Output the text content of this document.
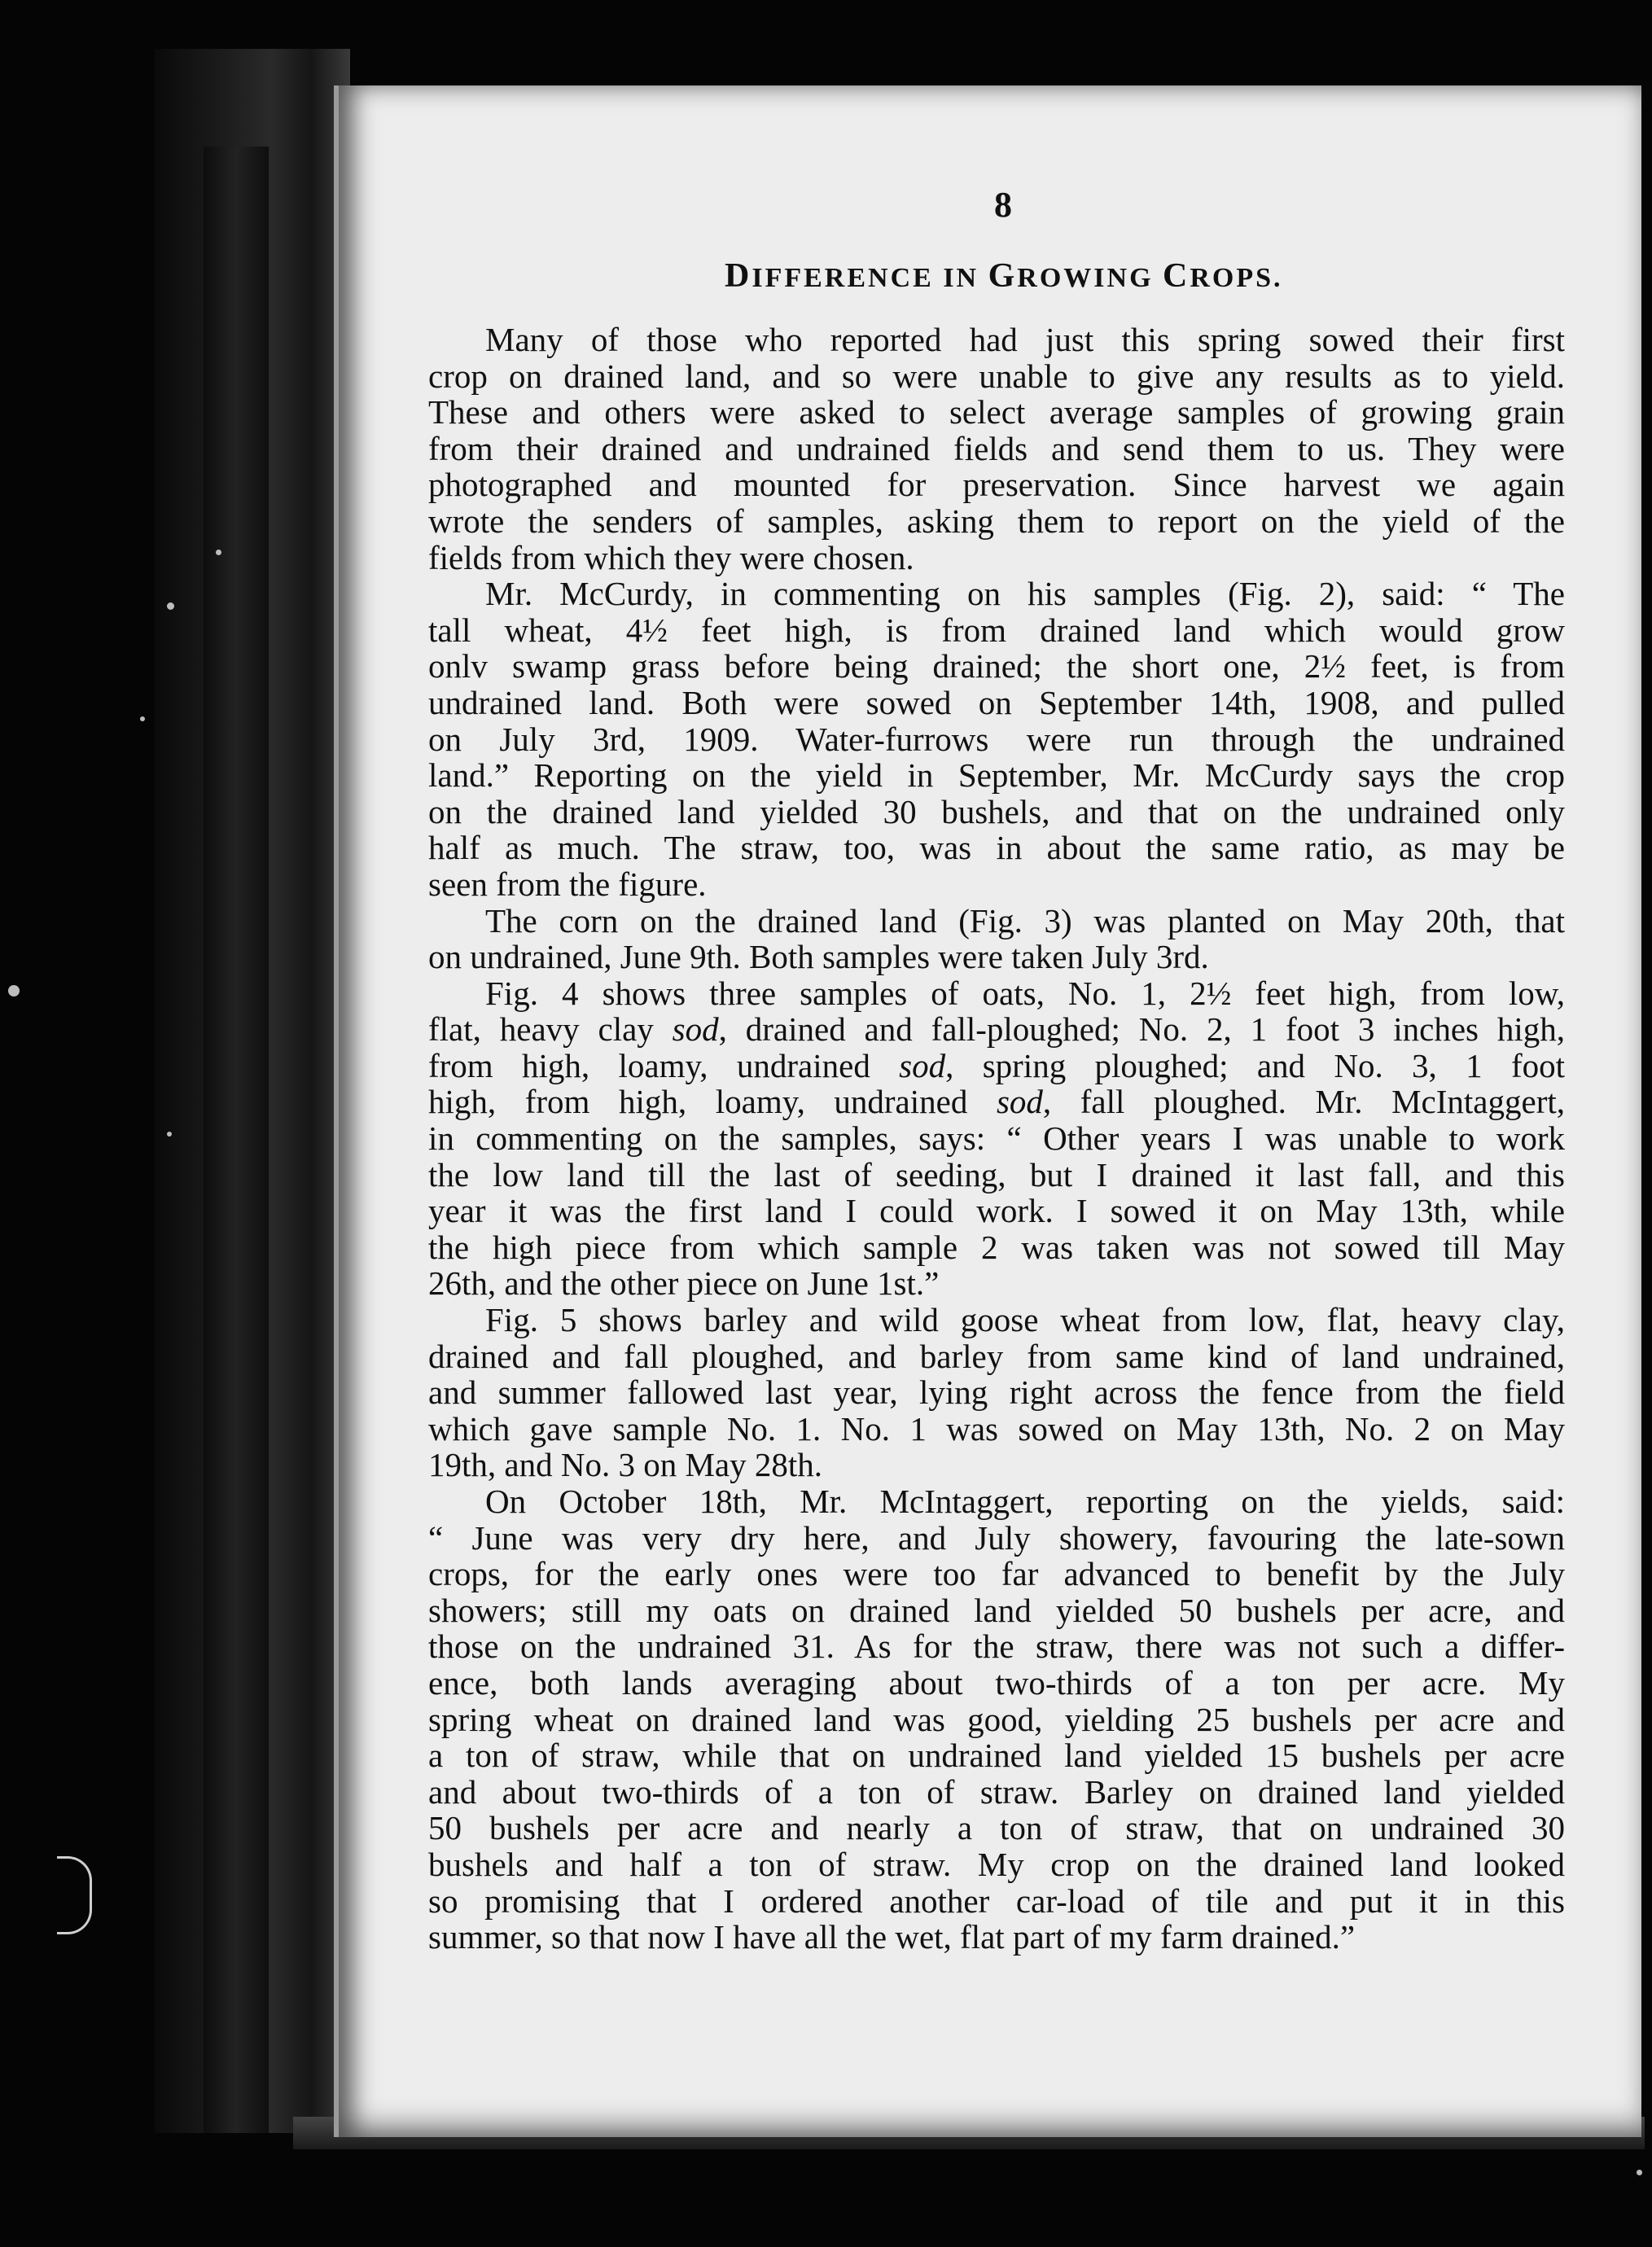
8
DIFFERENCE IN GROWING CROPS.
Many of those who reported had just this spring sowed their first
crop on drained land, and so were unable to give any results as to yield.
These and others were asked to select average samples of growing grain
from their drained and undrained fields and send them to us. They were
photographed and mounted for preservation. Since harvest we again
wrote the senders of samples, asking them to report on the yield of the
fields from which they were chosen.
Mr. McCurdy, in commenting on his samples (Fig. 2), said: “ The
tall wheat, 4½ feet high, is from drained land which would grow
onlv swamp grass before being drained; the short one, 2½ feet, is from
undrained land. Both were sowed on September 14th, 1908, and pulled
on July 3rd, 1909. Water-furrows were run through the undrained
land.” Reporting on the yield in September, Mr. McCurdy says the crop
on the drained land yielded 30 bushels, and that on the undrained only
half as much. The straw, too, was in about the same ratio, as may be
seen from the figure.
The corn on the drained land (Fig. 3) was planted on May 20th, that
on undrained, June 9th. Both samples were taken July 3rd.
Fig. 4 shows three samples of oats, No. 1, 2½ feet high, from low,
flat, heavy clay sod, drained and fall-ploughed; No. 2, 1 foot 3 inches high,
from high, loamy, undrained sod, spring ploughed; and No. 3, 1 foot
high, from high, loamy, undrained sod, fall ploughed. Mr. McIntaggert,
in commenting on the samples, says: “ Other years I was unable to work
the low land till the last of seeding, but I drained it last fall, and this
year it was the first land I could work. I sowed it on May 13th, while
the high piece from which sample 2 was taken was not sowed till May
26th, and the other piece on June 1st.”
Fig. 5 shows barley and wild goose wheat from low, flat, heavy clay,
drained and fall ploughed, and barley from same kind of land undrained,
and summer fallowed last year, lying right across the fence from the field
which gave sample No. 1. No. 1 was sowed on May 13th, No. 2 on May
19th, and No. 3 on May 28th.
On October 18th, Mr. McIntaggert, reporting on the yields, said:
“ June was very dry here, and July showery, favouring the late-sown
crops, for the early ones were too far advanced to benefit by the July
showers; still my oats on drained land yielded 50 bushels per acre, and
those on the undrained 31. As for the straw, there was not such a differ-
ence, both lands averaging about two-thirds of a ton per acre. My
spring wheat on drained land was good, yielding 25 bushels per acre and
a ton of straw, while that on undrained land yielded 15 bushels per acre
and about two-thirds of a ton of straw. Barley on drained land yielded
50 bushels per acre and nearly a ton of straw, that on undrained 30
bushels and half a ton of straw. My crop on the drained land looked
so promising that I ordered another car-load of tile and put it in this
summer, so that now I have all the wet, flat part of my farm drained.”
